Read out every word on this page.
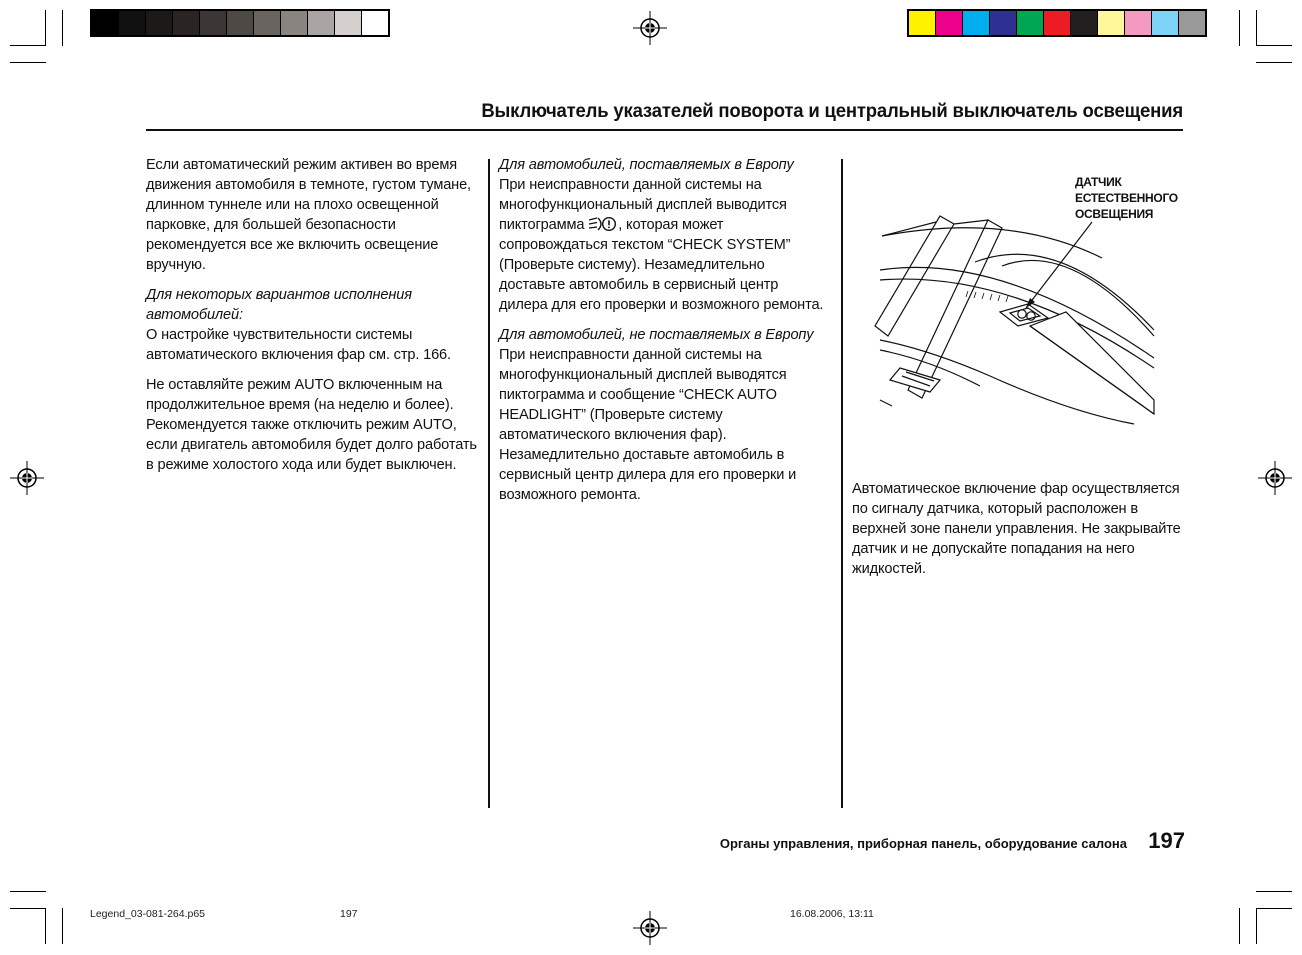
Выключатель указателей поворота и центральный выключатель освещения

Если автоматический режим активен во время движения автомобиля в темноте, густом тумане, длинном туннеле или на плохо освещенной парковке, для большей безопасности рекомендуется все же включить освещение вручную.

Для некоторых вариантов исполнения автомобилей:
О настройке чувствительности системы автоматического включения фар см. стр. 166.

Не оставляйте режим AUTO включенным на продолжительное время (на неделю и более). Рекомендуется также отключить режим AUTO, если двигатель автомобиля будет долго работать в режиме холостого хода или будет выключен.

Для автомобилей, поставляемых в Европу
При неисправности данной системы на многофункциональный дисплей выводится пиктограмма , которая может сопровождаться текстом “CHECK SYSTEM” (Проверьте систему). Незамедлительно доставьте автомобиль в сервисный центр дилера для его проверки и возможного ремонта.

Для автомобилей, не поставляемых в Европу
При неисправности данной системы на многофункциональный дисплей выводятся пиктограмма и сообщение “CHECK AUTO HEADLIGHT” (Проверьте систему автоматического включения фар). Незамедлительно доставьте автомобиль в сервисный центр дилера для его проверки и возможного ремонта.

ДАТЧИК
ЕСТЕСТВЕННОГО
ОСВЕЩЕНИЯ

Автоматическое включение фар осуществляется по сигналу датчика, который расположен в верхней зоне панели управления. Не закрывайте датчик и не допускайте попадания на него жидкостей.

Органы управления, приборная панель, оборудование салона 197
Legend_03-081-264.p65	197	16.08.2006, 13:11
